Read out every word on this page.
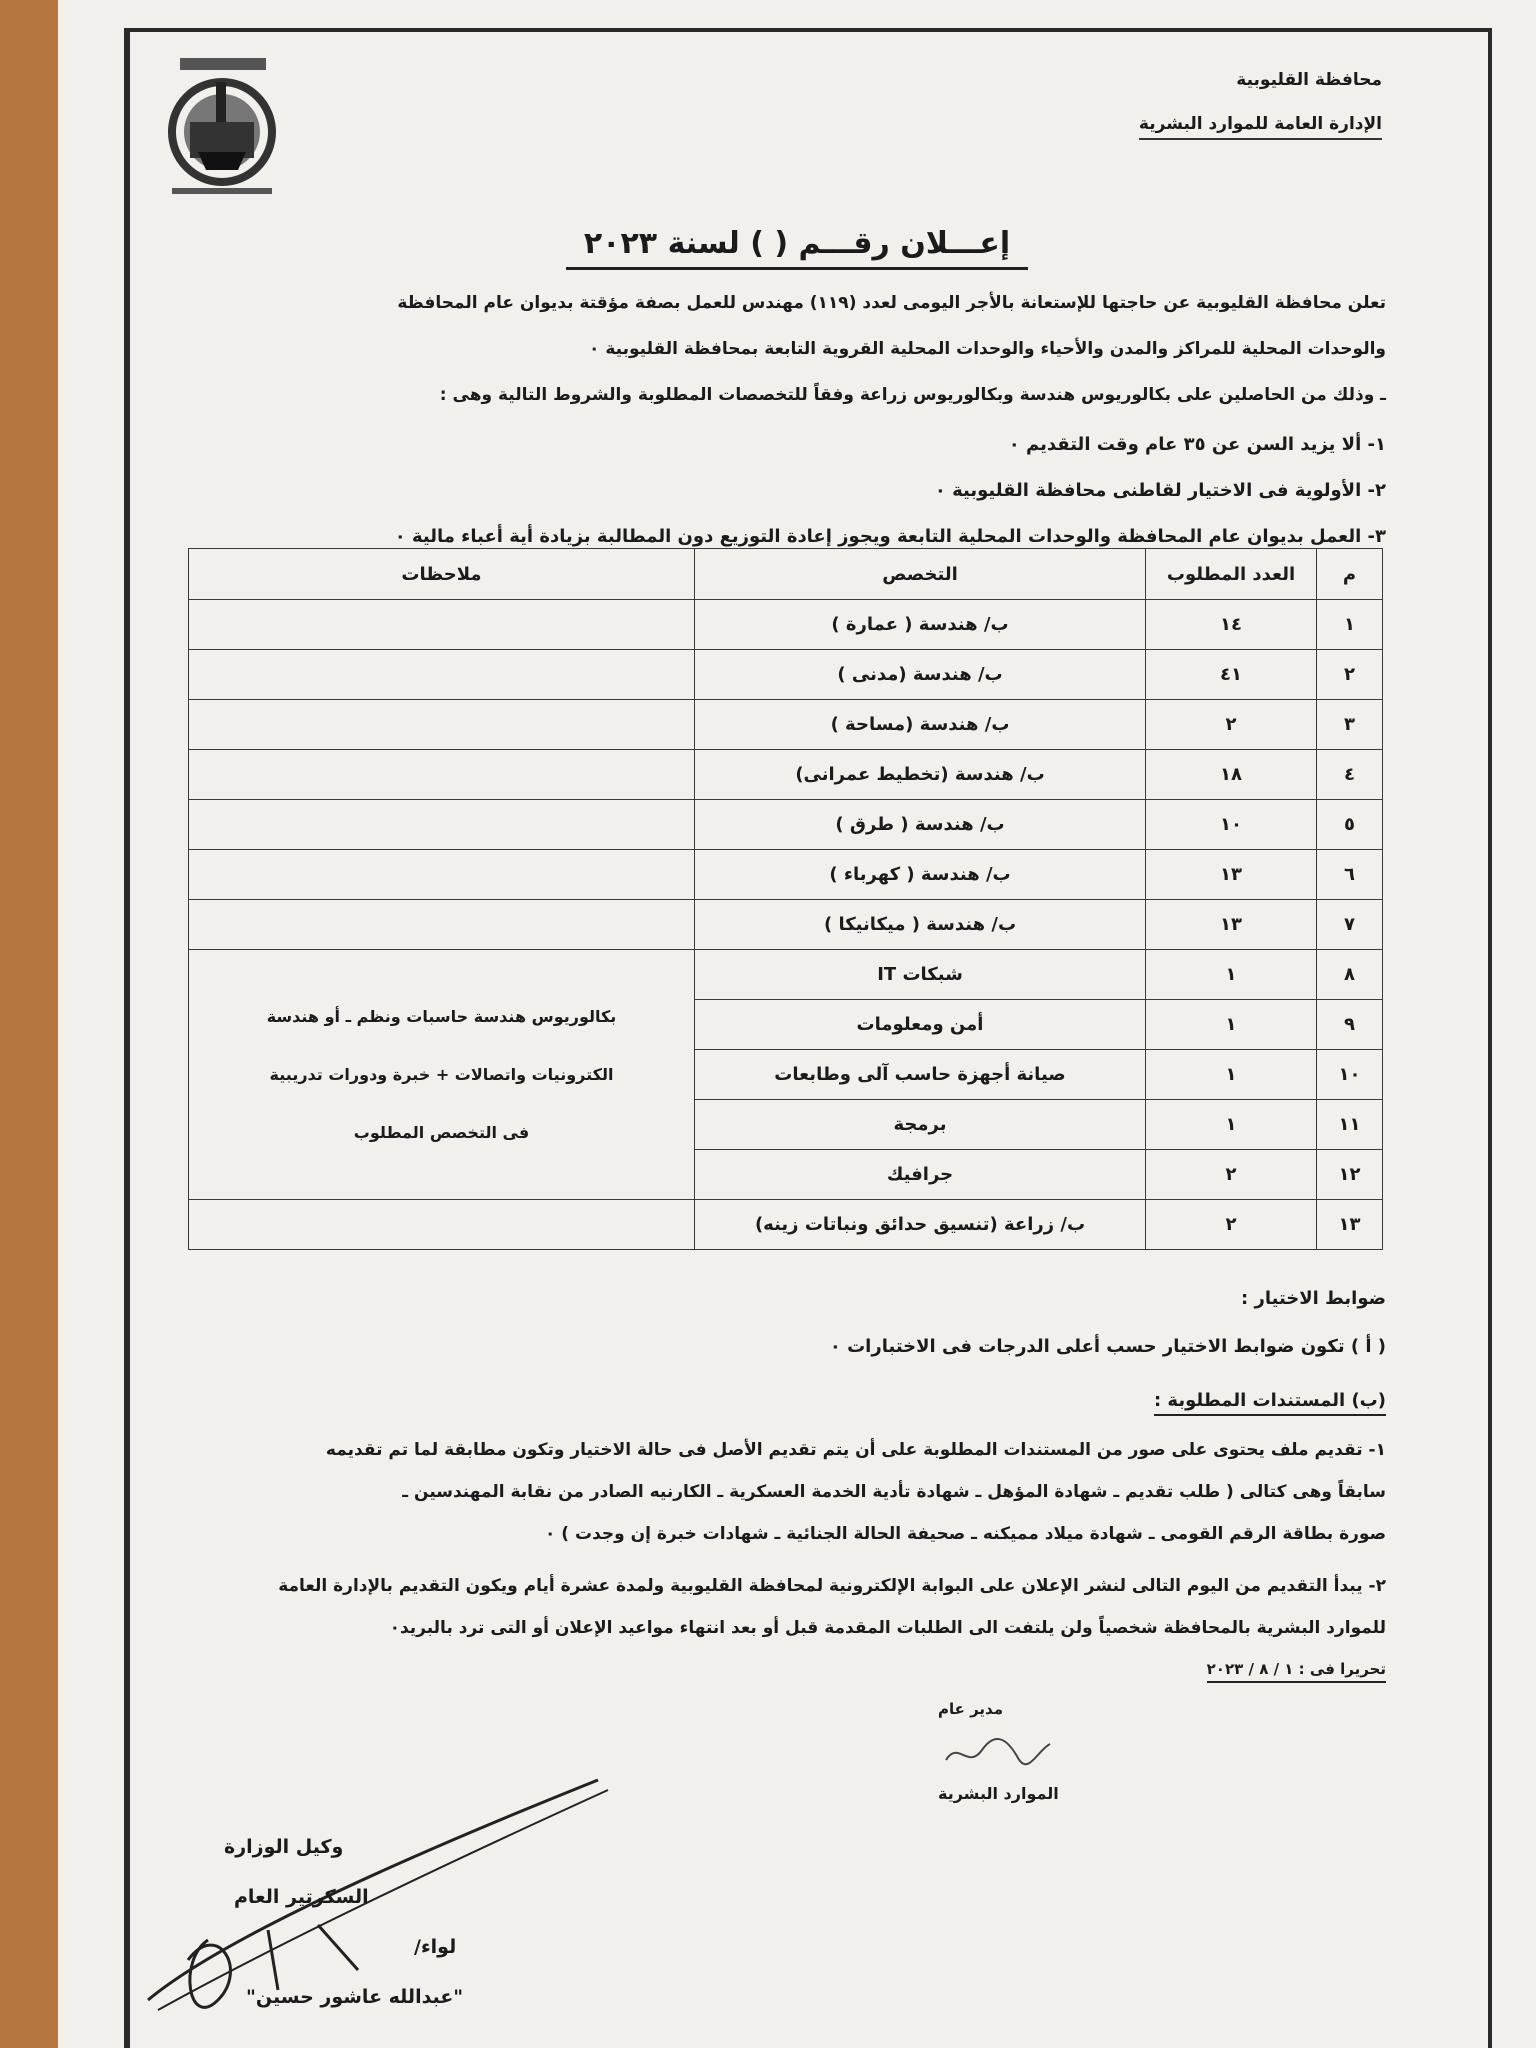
محافظة القليوبية
الإدارة العامة للموارد البشرية
إعـــلان رقـــم ( ) لسنة ٢٠٢٣
تعلن محافظة القليوبية عن حاجتها للإستعانة بالأجر اليومى لعدد (١١٩) مهندس للعمل بصفة مؤقتة بديوان عام المحافظة
والوحدات المحلية للمراكز والمدن والأحياء والوحدات المحلية القروية التابعة بمحافظة القليوبية ٠
ـ وذلك من الحاصلين على بكالوريوس هندسة وبكالوريوس زراعة وفقاً للتخصصات المطلوبة والشروط التالية وهى :
١- ألا يزيد السن عن ٣٥ عام وقت التقديم ٠
٢- الأولوية فى الاختيار لقاطنى محافظة القليوبية ٠
٣- العمل بديوان عام المحافظة والوحدات المحلية التابعة ويجوز إعادة التوزيع دون المطالبة بزيادة أية أعباء مالية ٠
م	العدد المطلوب	التخصص	ملاحظات
١	١٤	ب/ هندسة ( عمارة )	
٢	٤١	ب/ هندسة (مدنى )	
٣	٢	ب/ هندسة (مساحة )	
٤	١٨	ب/ هندسة (تخطيط عمرانى)	
٥	١٠	ب/ هندسة ( طرق )	
٦	١٣	ب/ هندسة ( كهرباء )	
٧	١٣	ب/ هندسة ( ميكانيكا )	
٨	١	شبكات IT	بكالوريوس هندسة حاسبات ونظم ـ أو هندسة
الكترونيات واتصالات + خبرة ودورات تدريبية
فى التخصص المطلوب

٩	١	أمن ومعلومات	
١٠	١	صيانة أجهزة حاسب آلى وطابعات	
١١	١	برمجة	
١٢	٢	جرافيك	
١٣	٢	ب/ زراعة (تنسيق حدائق ونباتات زينه)	
ضوابط الاختيار :
( أ ) تكون ضوابط الاختيار حسب أعلى الدرجات فى الاختبارات ٠
(ب) المستندات المطلوبة :
١- تقديم ملف يحتوى على صور من المستندات المطلوبة على أن يتم تقديم الأصل فى حالة الاختيار وتكون مطابقة لما تم تقديمه
سابقاً وهى كتالى ( طلب تقديم ـ شهادة المؤهل ـ شهادة تأدية الخدمة العسكرية ـ الكارنيه الصادر من نقابة المهندسين ـ
صورة بطاقة الرقم القومى ـ شهادة ميلاد مميكنه ـ صحيفة الحالة الجنائية ـ شهادات خبرة إن وجدت ) ٠
٢- يبدأ التقديم من اليوم التالى لنشر الإعلان على البوابة الإلكترونية لمحافظة القليوبية ولمدة عشرة أيام ويكون التقديم بالإدارة العامة
للموارد البشرية بالمحافظة شخصياً ولن يلتفت الى الطلبات المقدمة قبل أو بعد انتهاء مواعيد الإعلان أو التى ترد بالبريد٠
تحريرا فى : ١ / ٨ / ٢٠٢٣
مدير عام
الموارد البشرية
وكيل الوزارة
السكرتير العام
لواء/
"عبدالله عاشور حسين"
